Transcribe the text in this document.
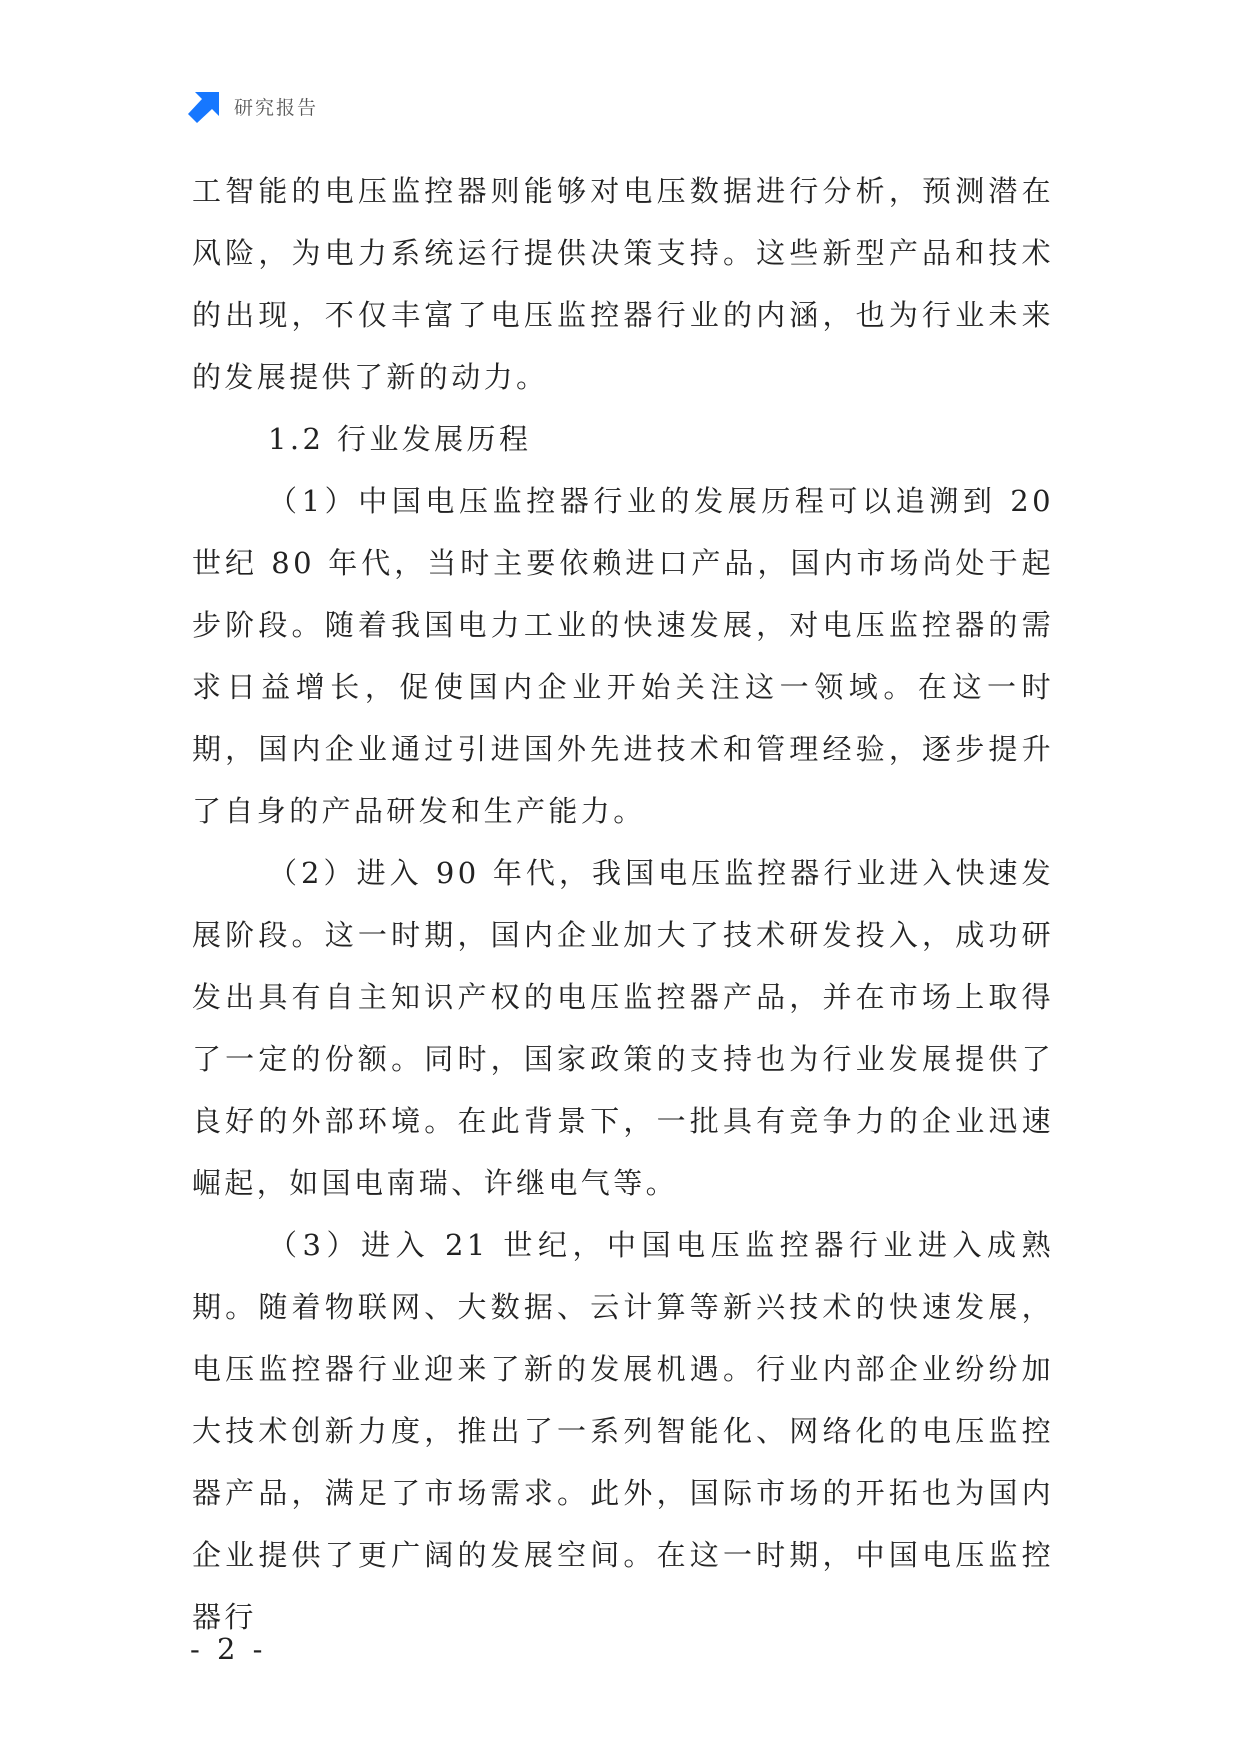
研究报告

工智能的电压监控器则能够对电压数据进行分析，预测潜在风险，为电力系统运行提供决策支持。这些新型产品和技术的出现，不仅丰富了电压监控器行业的内涵，也为行业未来的发展提供了新的动力。

1.2 行业发展历程

（1）中国电压监控器行业的发展历程可以追溯到 20 世纪 80 年代，当时主要依赖进口产品，国内市场尚处于起步阶段。随着我国电力工业的快速发展，对电压监控器的需求日益增长，促使国内企业开始关注这一领域。在这一时期，国内企业通过引进国外先进技术和管理经验，逐步提升了自身的产品研发和生产能力。

（2）进入 90 年代，我国电压监控器行业进入快速发展阶段。这一时期，国内企业加大了技术研发投入，成功研发出具有自主知识产权的电压监控器产品，并在市场上取得了一定的份额。同时，国家政策的支持也为行业发展提供了良好的外部环境。在此背景下，一批具有竞争力的企业迅速崛起，如国电南瑞、许继电气等。

（3）进入 21 世纪，中国电压监控器行业进入成熟期。随着物联网、大数据、云计算等新兴技术的快速发展，电压监控器行业迎来了新的发展机遇。行业内部企业纷纷加大技术创新力度，推出了一系列智能化、网络化的电压监控器产品，满足了市场需求。此外，国际市场的开拓也为国内企业提供了更广阔的发展空间。在这一时期，中国电压监控器行

- 2 -
